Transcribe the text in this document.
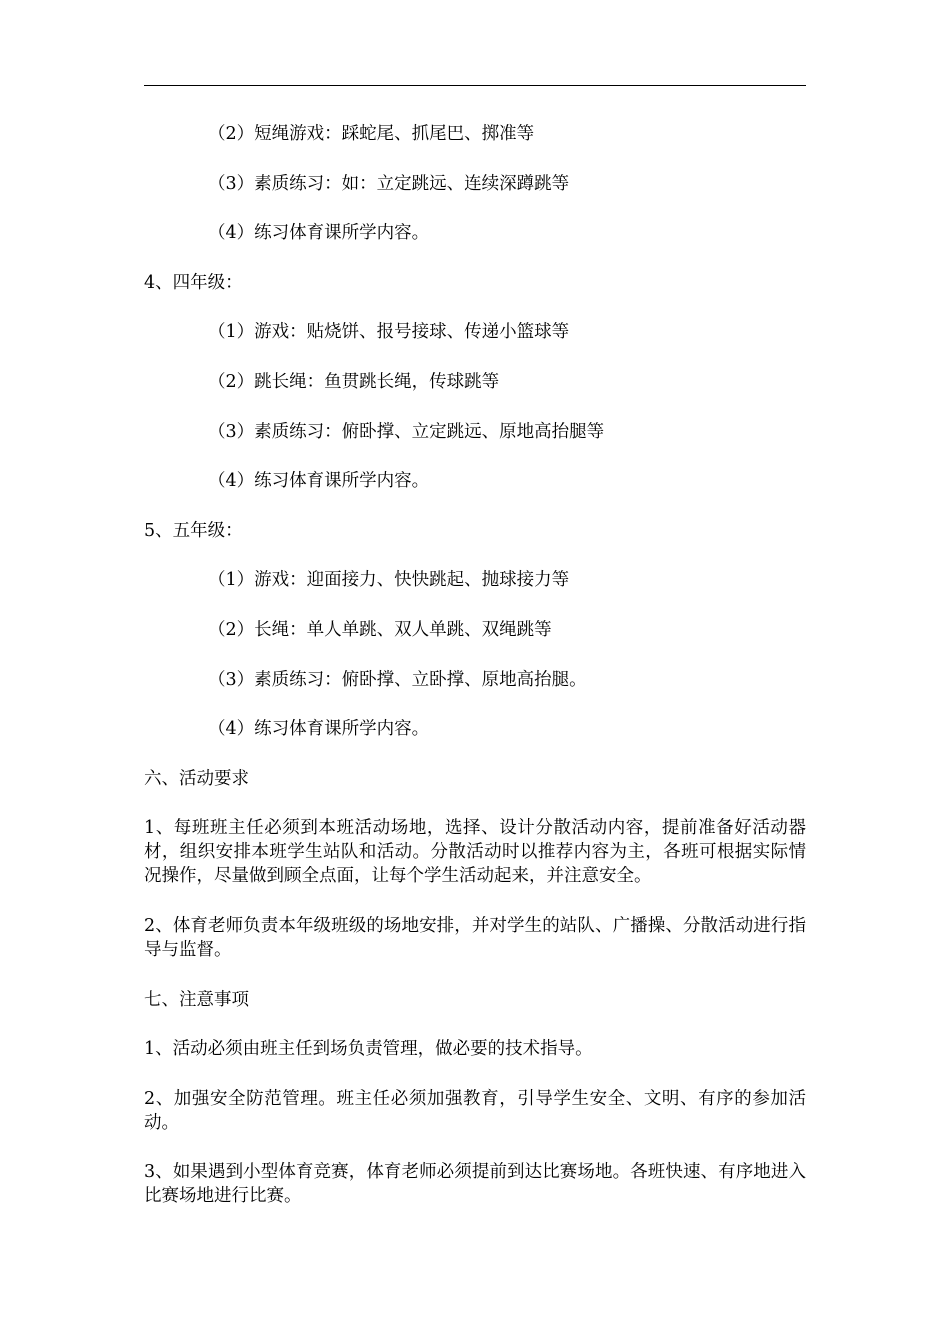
（2）短绳游戏：踩蛇尾、抓尾巴、掷准等
（3）素质练习：如：立定跳远、连续深蹲跳等
（4）练习体育课所学内容。
4、四年级：
（1）游戏：贴烧饼、报号接球、传递小篮球等
（2）跳长绳：鱼贯跳长绳，传球跳等
（3）素质练习：俯卧撑、立定跳远、原地高抬腿等
（4）练习体育课所学内容。
5、五年级：
（1）游戏：迎面接力、快快跳起、抛球接力等
（2）长绳：单人单跳、双人单跳、双绳跳等
（3）素质练习：俯卧撑、立卧撑、原地高抬腿。
（4）练习体育课所学内容。
六、活动要求
1、每班班主任必须到本班活动场地，选择、设计分散活动内容，提前准备好活动器材，组织安排本班学生站队和活动。分散活动时以推荐内容为主，各班可根据实际情况操作，尽量做到顾全点面，让每个学生活动起来，并注意安全。
2、体育老师负责本年级班级的场地安排，并对学生的站队、广播操、分散活动进行指导与监督。
七、注意事项
1、活动必须由班主任到场负责管理，做必要的技术指导。
2、加强安全防范管理。班主任必须加强教育，引导学生安全、文明、有序的参加活动。
3、如果遇到小型体育竞赛，体育老师必须提前到达比赛场地。各班快速、有序地进入比赛场地进行比赛。
